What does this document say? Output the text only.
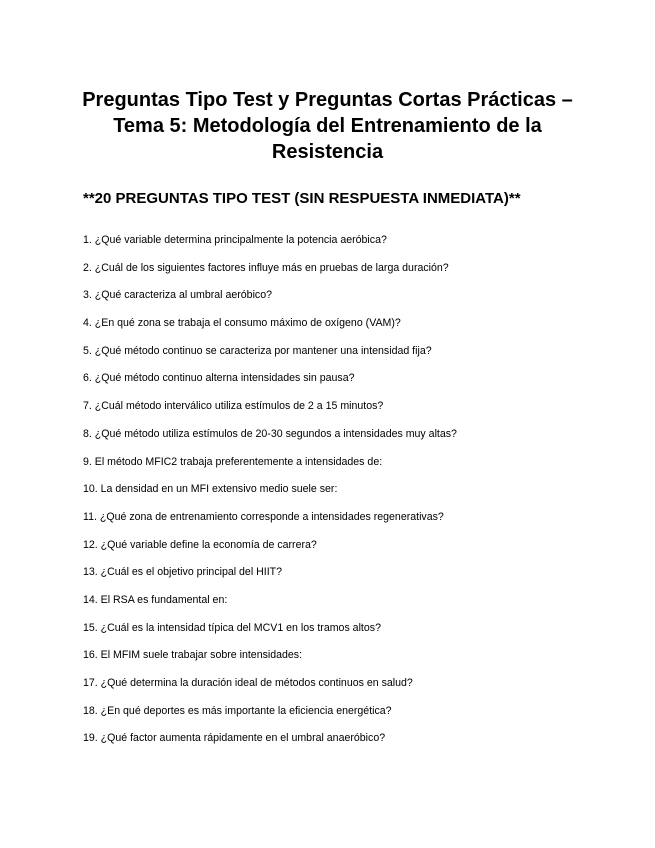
Preguntas Tipo Test y Preguntas Cortas Prácticas –
Tema 5: Metodología del Entrenamiento de la
Resistencia
**20 PREGUNTAS TIPO TEST (SIN RESPUESTA INMEDIATA)**
1. ¿Qué variable determina principalmente la potencia aeróbica?
2. ¿Cuál de los siguientes factores influye más en pruebas de larga duración?
3. ¿Qué caracteriza al umbral aeróbico?
4. ¿En qué zona se trabaja el consumo máximo de oxígeno (VAM)?
5. ¿Qué método continuo se caracteriza por mantener una intensidad fija?
6. ¿Qué método continuo alterna intensidades sin pausa?
7. ¿Cuál método interválico utiliza estímulos de 2 a 15 minutos?
8. ¿Qué método utiliza estímulos de 20-30 segundos a intensidades muy altas?
9. El método MFIC2 trabaja preferentemente a intensidades de:
10. La densidad en un MFI extensivo medio suele ser:
11. ¿Qué zona de entrenamiento corresponde a intensidades regenerativas?
12. ¿Qué variable define la economía de carrera?
13. ¿Cuál es el objetivo principal del HIIT?
14. El RSA es fundamental en:
15. ¿Cuál es la intensidad típica del MCV1 en los tramos altos?
16. El MFIM suele trabajar sobre intensidades:
17. ¿Qué determina la duración ideal de métodos continuos en salud?
18. ¿En qué deportes es más importante la eficiencia energética?
19. ¿Qué factor aumenta rápidamente en el umbral anaeróbico?
